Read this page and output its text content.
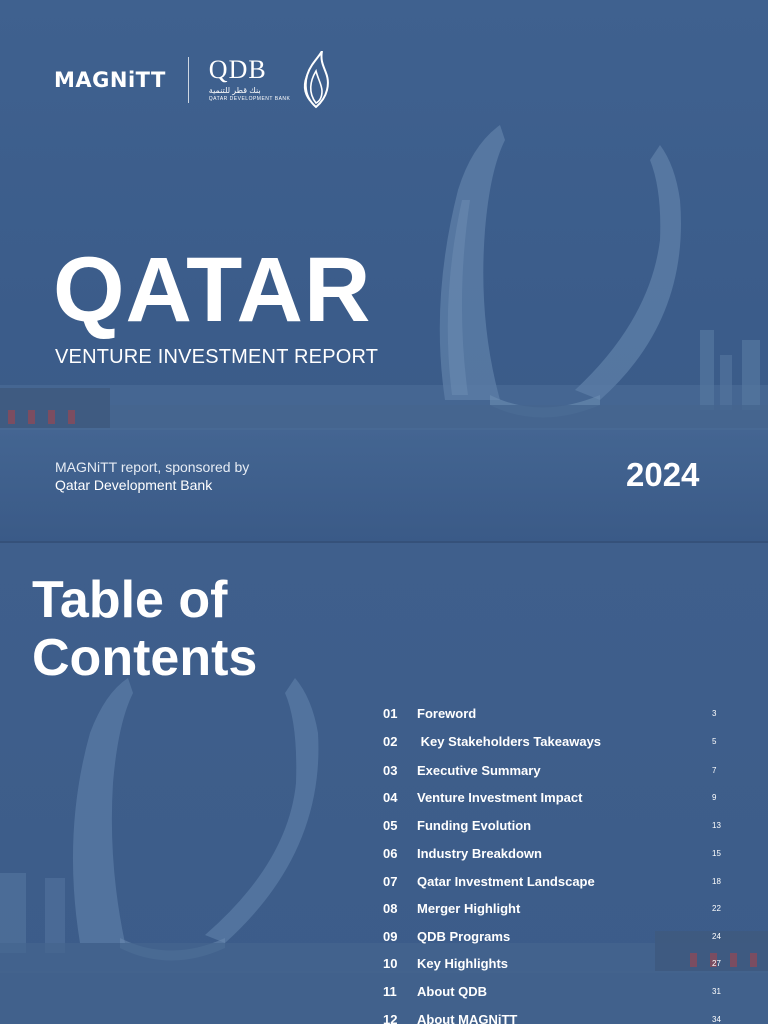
MAGNiTT QDB
بنك قطر للتنمية
QATAR DEVELOPMENT BANK
QATAR
VENTURE INVESTMENT REPORT
MAGNiTT report, sponsored by
Qatar Development Bank	2024
Table of
Contents
01 Foreword	3
02 Key Stakeholders Takeaways	5
03 Executive Summary	7
04 Venture Investment Impact	9
05 Funding Evolution	13
06 Industry Breakdown	15
07 Qatar Investment Landscape	18
08 Merger Highlight	22
09 QDB Programs	24
10 Key Highlights	27
11 About QDB	31
12 About MAGNiTT	34
